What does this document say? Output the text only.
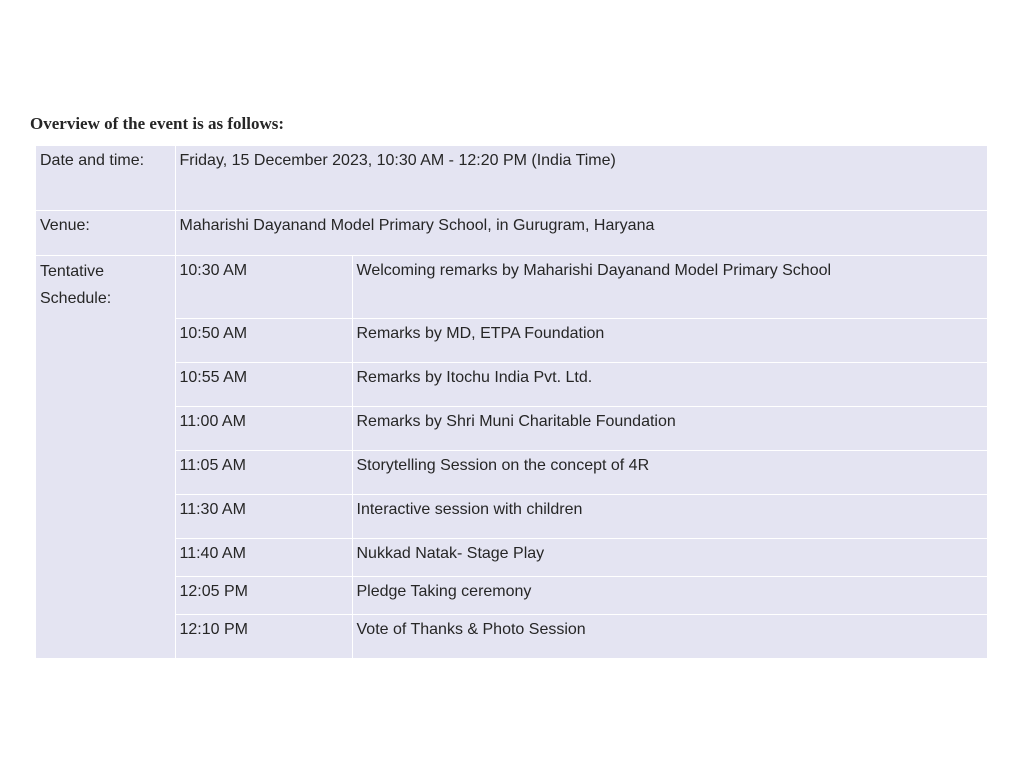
Overview of the event is as follows:
Date and time:	Friday, 15 December 2023, 10:30 AM - 12:20 PM (India Time)
Venue:	Maharishi Dayanand Model Primary School, in Gurugram, Haryana

Tentative
Schedule:

10:30 AM	Welcoming remarks by Maharishi Dayanand Model Primary School
10:50 AM	Remarks by MD, ETPA Foundation
10:55 AM	Remarks by Itochu India Pvt. Ltd.
11:00 AM	Remarks by Shri Muni Charitable Foundation
11:05 AM	Storytelling Session on the concept of 4R
11:30 AM	Interactive session with children
11:40 AM	Nukkad Natak- Stage Play
12:05 PM	Pledge Taking ceremony
12:10 PM	Vote of Thanks & Photo Session
